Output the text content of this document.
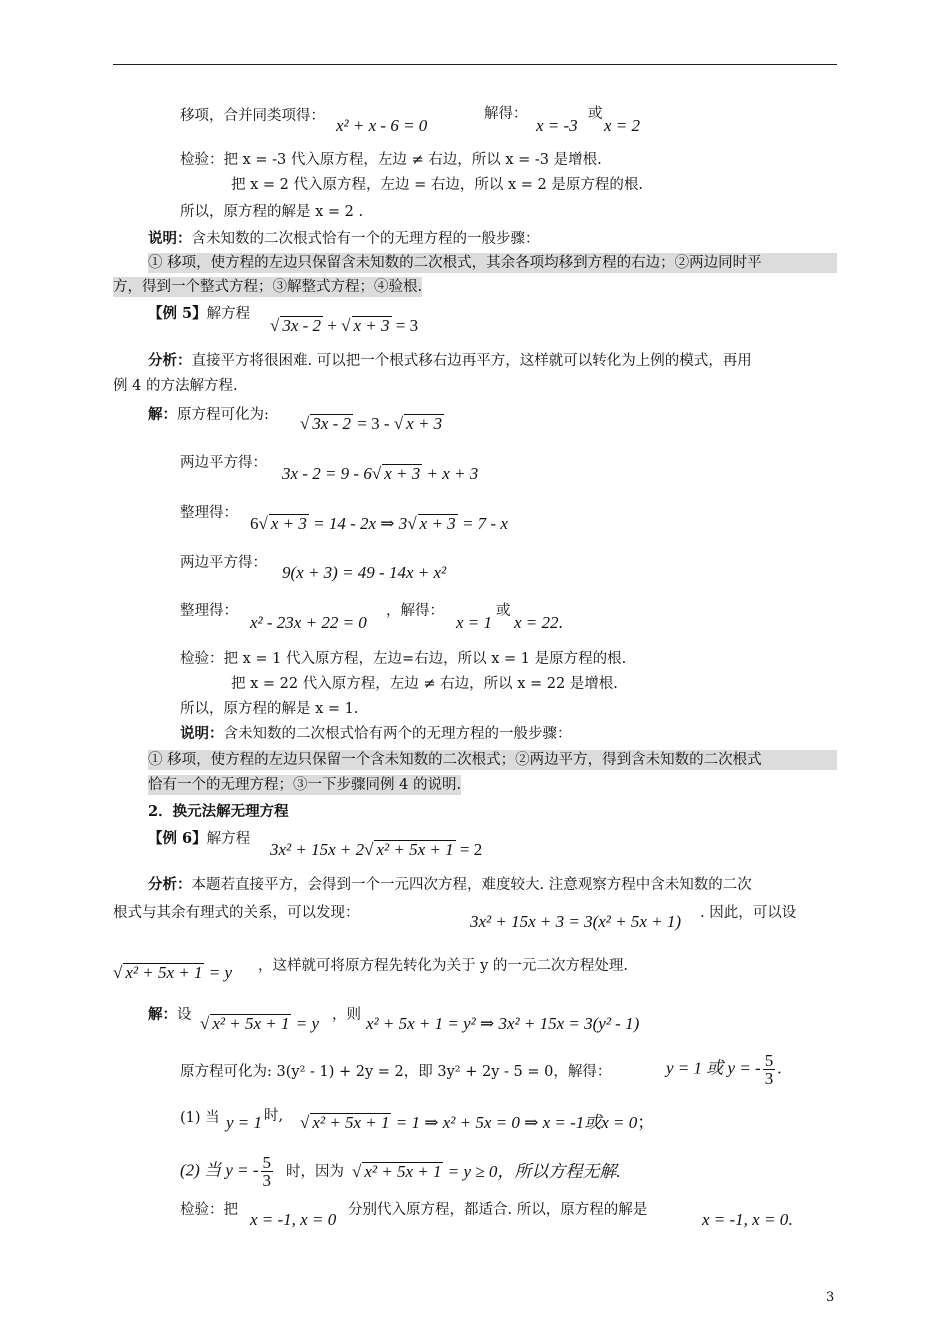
移项，合并同类项得： x² + x - 6 = 0
解得：
x = -3
或
x = 2
检验：把 x = -3 代入原方程，左边 ≠ 右边，所以 x = -3 是增根.
把 x = 2 代入原方程，左边 = 右边，所以 x = 2 是原方程的根.
所以，原方程的解是 x = 2 .
说明：含未知数的二次根式恰有一个的无理方程的一般步骤：
① 移项，使方程的左边只保留含未知数的二次根式，其余各项均移到方程的右边；②两边同时平
方，得到一个整式方程；③解整式方程；④验根.
【例 5】解方程
√ 3x - 2 + √ x + 3 = 3
分析：直接平方将很困难. 可以把一个根式移右边再平方，这样就可以转化为上例的模式，再用
例 4 的方法解方程.
解：原方程可化为: √ 3x - 2 = 3 - √ x + 3
两边平方得：
3x - 2 = 9 - 6√ x + 3 + x + 3
整理得：
6√ x + 3 = 14 - 2x ⇒ 3√ x + 3 = 7 - x
两边平方得： 9(x + 3) = 49 - 14x + x²
整理得：
x² - 23x + 22 = 0
，解得：
x = 1
或
x = 22.
检验：把 x = 1 代入原方程，左边=右边，所以 x = 1 是原方程的根.
把 x = 22 代入原方程，左边 ≠ 右边，所以 x = 22 是增根.
所以，原方程的解是 x = 1.
说明：含未知数的二次根式恰有两个的无理方程的一般步骤：
① 移项，使方程的左边只保留一个含未知数的二次根式；②两边平方，得到含未知数的二次根式
恰有一个的无理方程；③一下步骤同例 4 的说明.
2．换元法解无理方程
【例 6】解方程
3x² + 15x + 2√ x² + 5x + 1 = 2
分析：本题若直接平方，会得到一个一元四次方程，难度较大. 注意观察方程中含未知数的二次
根式与其余有理式的关系，可以发现：	3x² + 15x + 3 = 3(x² + 5x + 1) . 因此，可以设
√ x² + 5x + 1 = y ，这样就可将原方程先转化为关于 y 的一元二次方程处理.
解：设 √ x² + 5x + 1 = y ，则 x² + 5x + 1 = y² ⇒ 3x² + 15x = 3(y² - 1)
原方程可化为: 3(y² - 1) + 2y = 2，即 3y² + 2y - 5 = 0，解得：	y = 1 或 y = - $\frac{5}{3}$ .
(1) 当 y = 1 时, √ x² + 5x + 1 = 1 ⇒ x² + 5x = 0 ⇒ x = -1或x = 0；
(2) 当 y = - $\frac{5}{3}$ 时，因为 √ x² + 5x + 1 = y ≥ 0，所以方程无解.
检验：把 x = -1, x = 0 分别代入原方程，都适合. 所以，原方程的解是	x = -1, x = 0.
3
